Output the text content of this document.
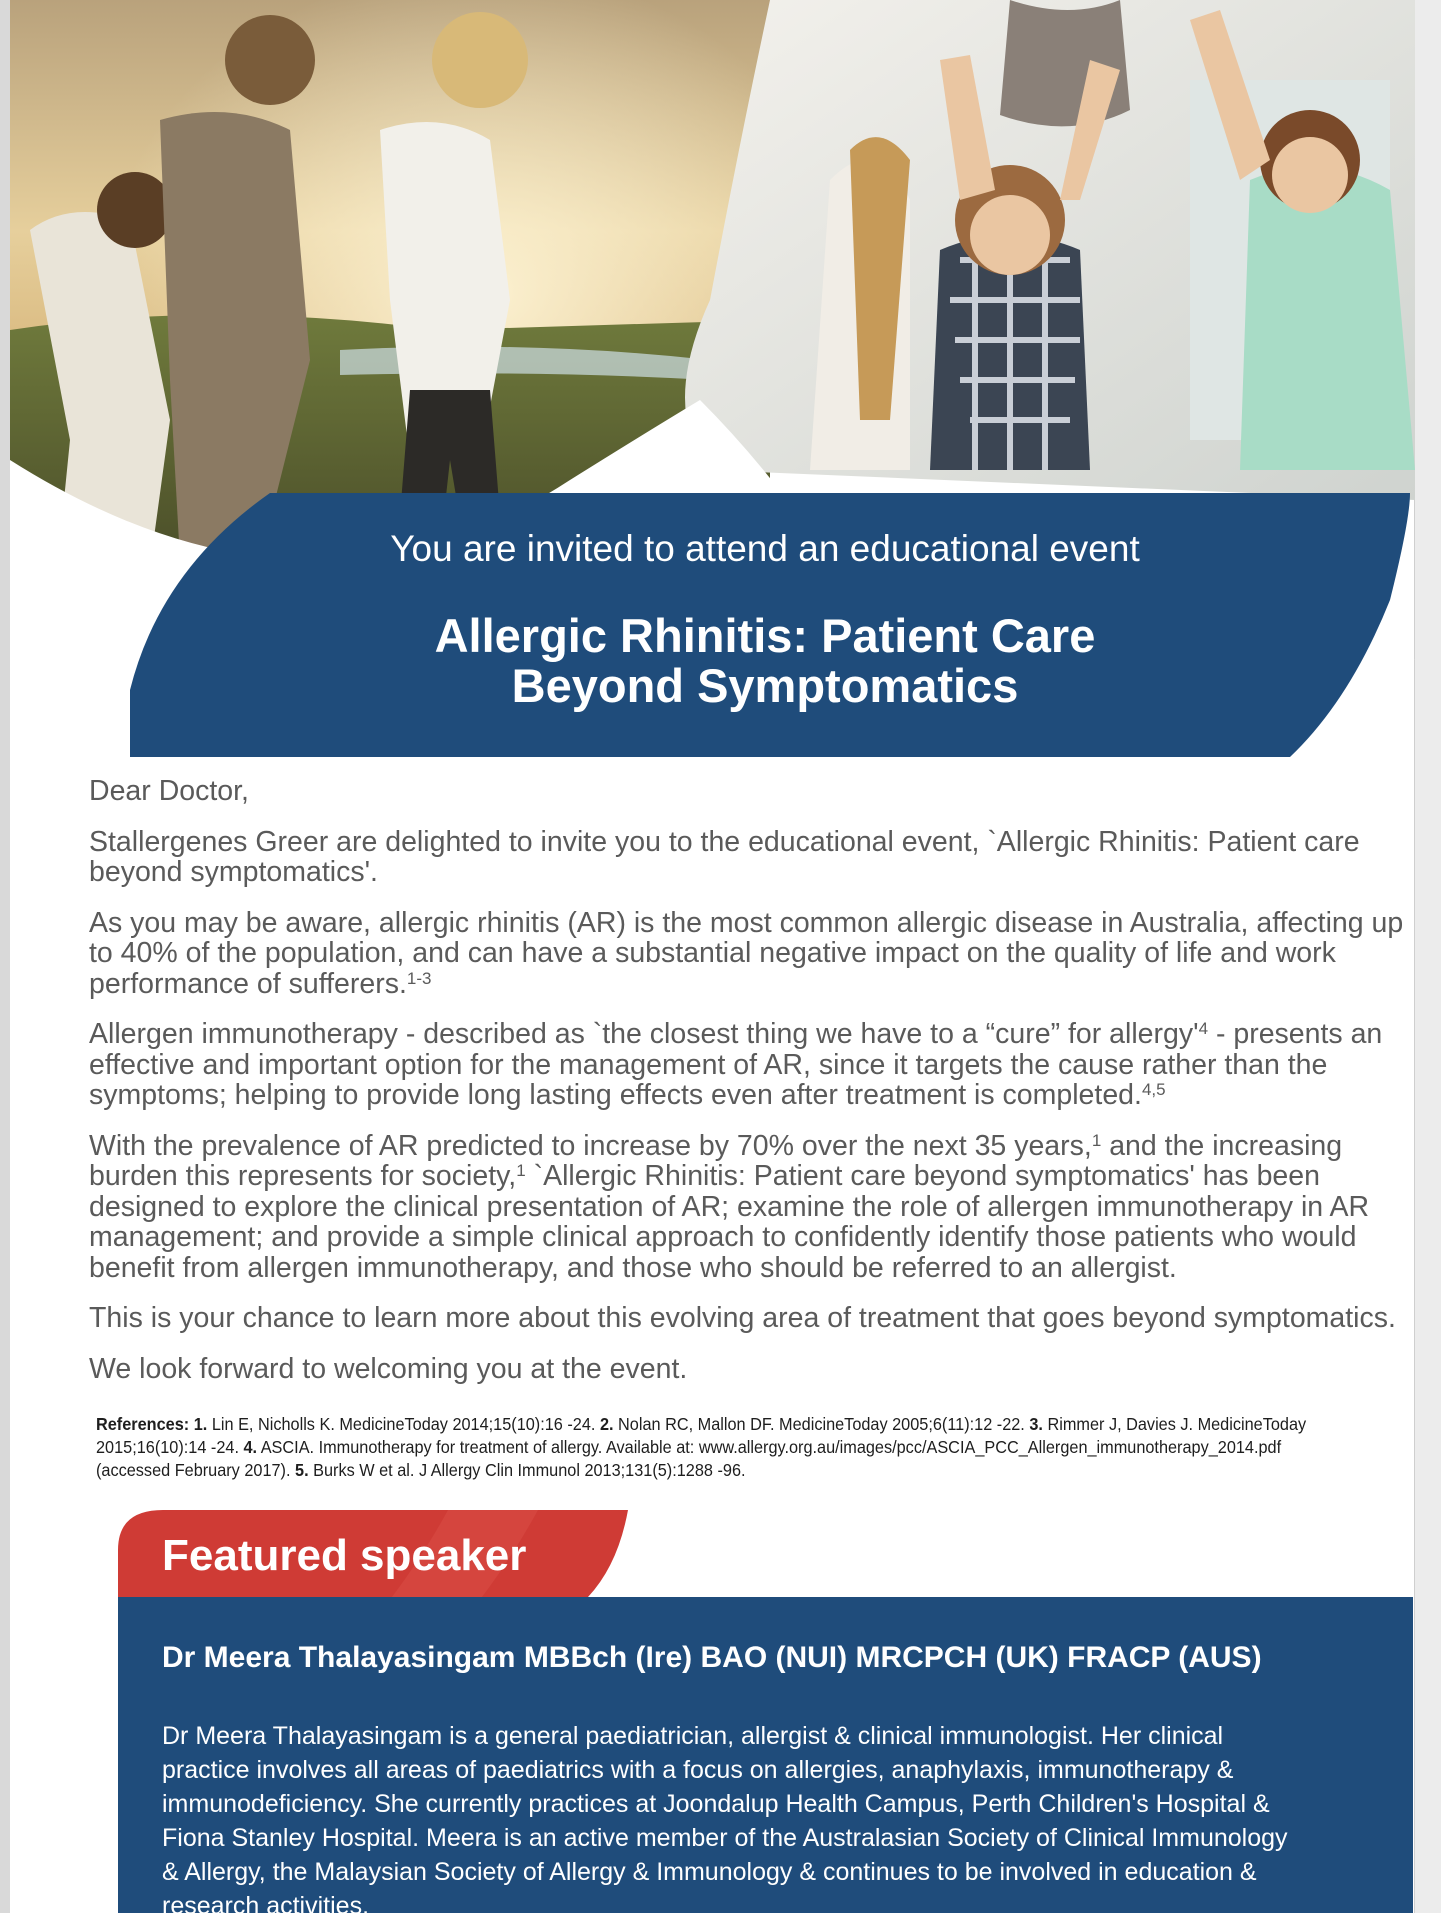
You are invited to attend an educational event
Allergic Rhinitis: Patient Care
Beyond Symptomatics

Dear Doctor,

Stallergenes Greer are delighted to invite you to the educational event, `Allergic Rhinitis: Patient care

beyond symptomatics'.

As you may be aware, allergic rhinitis (AR) is the most common allergic disease in Australia, affecting up

to 40% of the population, and can have a substantial negative impact on the quality of life and work

performance of sufferers.$^{1-3}$

Allergen immunotherapy - described as `the closest thing we have to a “cure” for $allergy'^4$ - presents an

effective and important option for the management of AR, since it targets the cause rather than the

symptoms; helping to provide long lasting effects even after treatment is completed.$^{4,5}$

With the prevalence of AR predicted to increase by 70% over the next 35 years,$^1$ and the increasing

burden this represents for society,$^1$ `Allergic Rhinitis: Patient care beyond symptomatics' has been

designed to explore the clinical presentation of AR; examine the role of allergen immunotherapy in AR

management; and provide a simple clinical approach to confidently identify those patients who would

benefit from allergen immunotherapy, and those who should be referred to an allergist.

This is your chance to learn more about this evolving area of treatment that goes beyond symptomatics.

We look forward to welcoming you at the event.

References: 1. Lin E, Nicholls K. MedicineToday 2014;15(10):16 -24. 2. Nolan RC, Mallon DF. MedicineToday 2005;6(11):12 -22. 3. Rimmer J, Davies J. MedicineToday

2015;16(10):14 -24. 4. ASCIA. Immunotherapy for treatment of allergy. Available at: www.allergy.org.au/images/pcc/ASCIA_PCC_Allergen_immunotherapy_2014.pdf

(accessed February 2017). 5. Burks W et al. J Allergy Clin Immunol 2013;131(5):1288 -96.

Featured speaker
Dr Meera Thalayasingam MBBch (Ire) BAO (NUI) MRCPCH (UK) FRACP (AUS)

Dr Meera Thalayasingam is a general paediatrician, allergist & clinical immunologist. Her clinical

practice involves all areas of paediatrics with a focus on allergies, anaphylaxis, immunotherapy &

immunodeficiency. She currently practices at Joondalup Health Campus, Perth Children's Hospital &

Fiona Stanley Hospital. Meera is an active member of the Australasian Society of Clinical Immunology

& Allergy, the Malaysian Society of Allergy & Immunology & continues to be involved in education &

research activities.
